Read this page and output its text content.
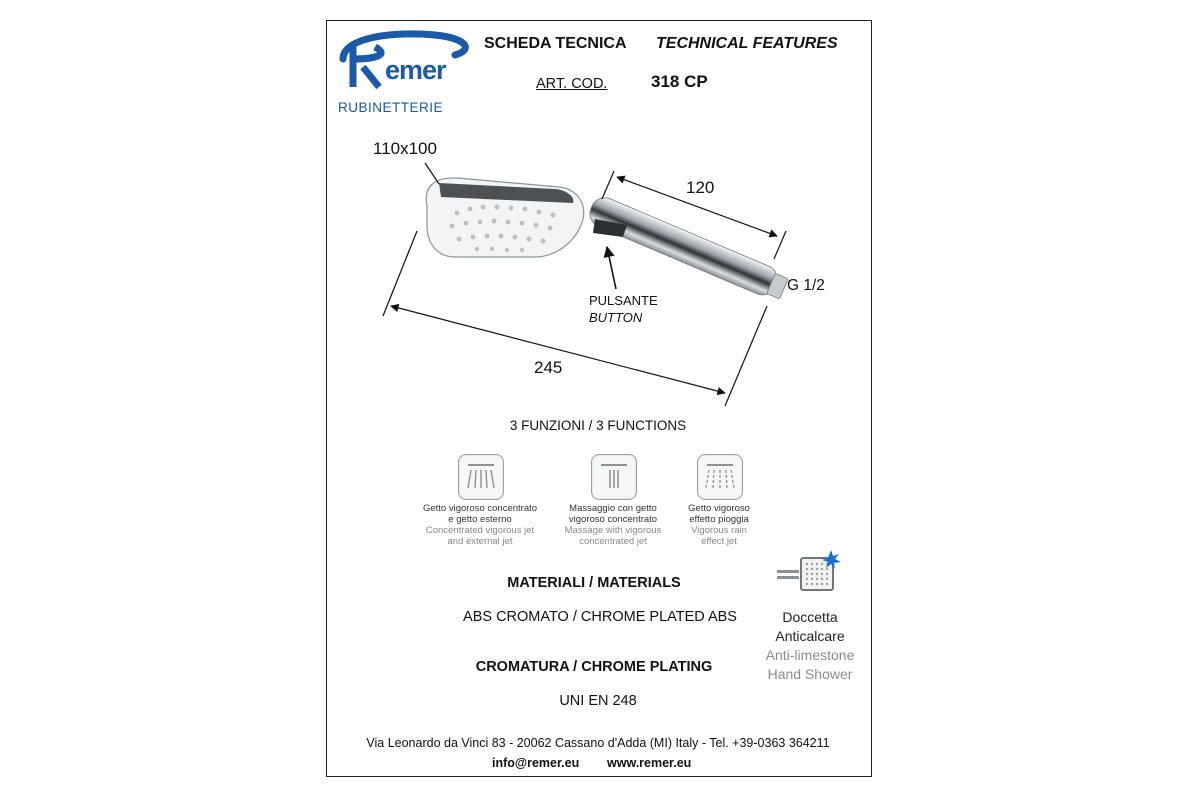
emer
RUBINETTERIE
SCHEDA TECNICA TECHNICAL FEATURES
ART. COD.	318 CP
110x100
120
G 1/2
245
PULSANTE
BUTTON
3 FUNZIONI / 3 FUNCTIONS
Getto vigoroso concentrato
e getto esterno
Concentrated vigorous jet
and external jet
Massaggio con getto
vigoroso concentrato
Massage with vigorous
concentrated jet
Getto vigoroso
effetto pioggia
Vigorous rain
effect jet
MATERIALI / MATERIALS
ABS CROMATO / CHROME PLATED ABS
CROMATURA / CHROME PLATING
UNI EN 248
Doccetta
Anticalcare
Anti-limestone
Hand Shower
Via Leonardo da Vinci 83 - 20062 Cassano d'Adda (MI) Italy - Tel. +39-0363 364211
info@remer.eu www.remer.eu
